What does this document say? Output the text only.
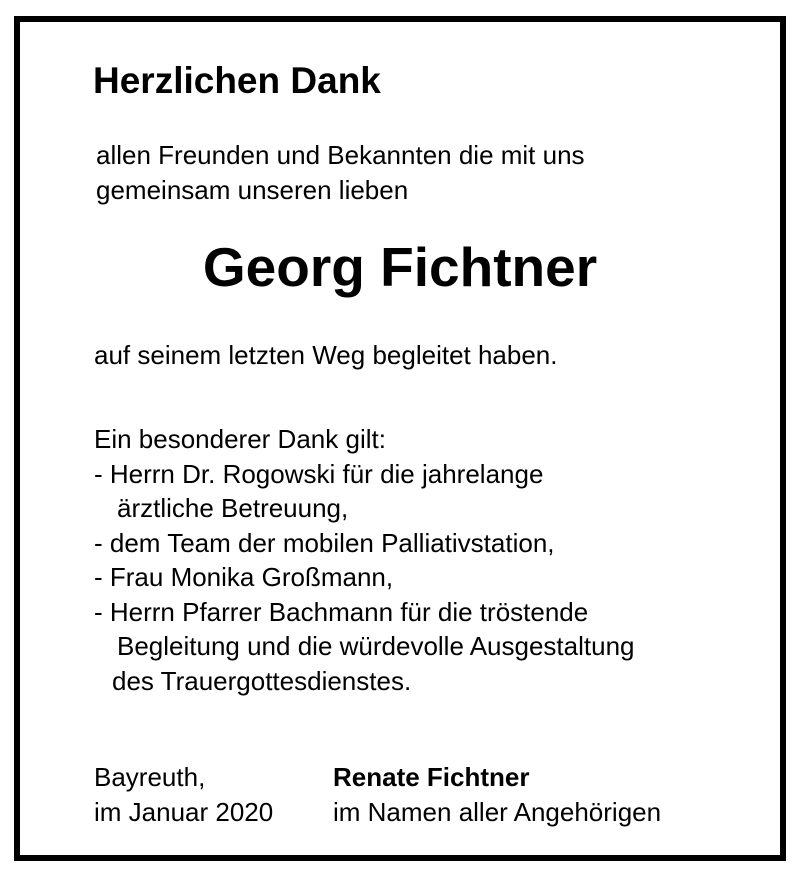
Herzlichen Dank
allen Freunden und Bekannten die mit uns
gemeinsam unseren lieben
Georg Fichtner
auf seinem letzten Weg begleitet haben.
Ein besonderer Dank gilt:
- Herrn Dr. Rogowski für die jahrelange
ärztliche Betreuung,
- dem Team der mobilen Palliativstation,
- Frau Monika Großmann,
- Herrn Pfarrer Bachmann für die tröstende
Begleitung und die würdevolle Ausgestaltung
des Trauergottesdienstes.
Bayreuth,
im Januar 2020
Renate Fichtner
im Namen aller Angehörigen
